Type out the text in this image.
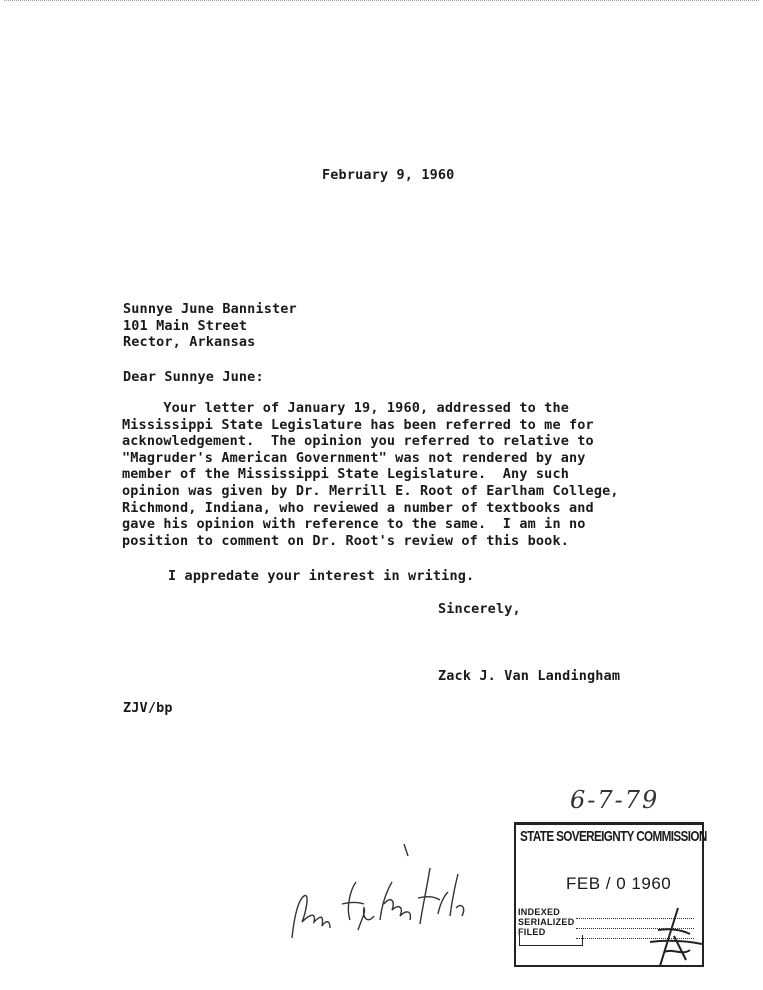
February 9, 1960
Sunnye June Bannister
101 Main Street
Rector, Arkansas
Dear Sunnye June:
Your letter of January 19, 1960, addressed to the
Mississippi State Legislature has been referred to me for
acknowledgement.  The opinion you referred to relative to
"Magruder's American Government" was not rendered by any
member of the Mississippi State Legislature.  Any such
opinion was given by Dr. Merrill E. Root of Earlham College,
Richmond, Indiana, who reviewed a number of textbooks and
gave his opinion with reference to the same.  I am in no
position to comment on Dr. Root's review of this book.
I appredate your interest in writing.
Sincerely,
Zack J. Van Landingham
ZJV/bp
6-7-79
STATE SOVEREIGNTY COMMISSION
FEB / 0 1960
INDEXED
SERIALIZED
FILED
